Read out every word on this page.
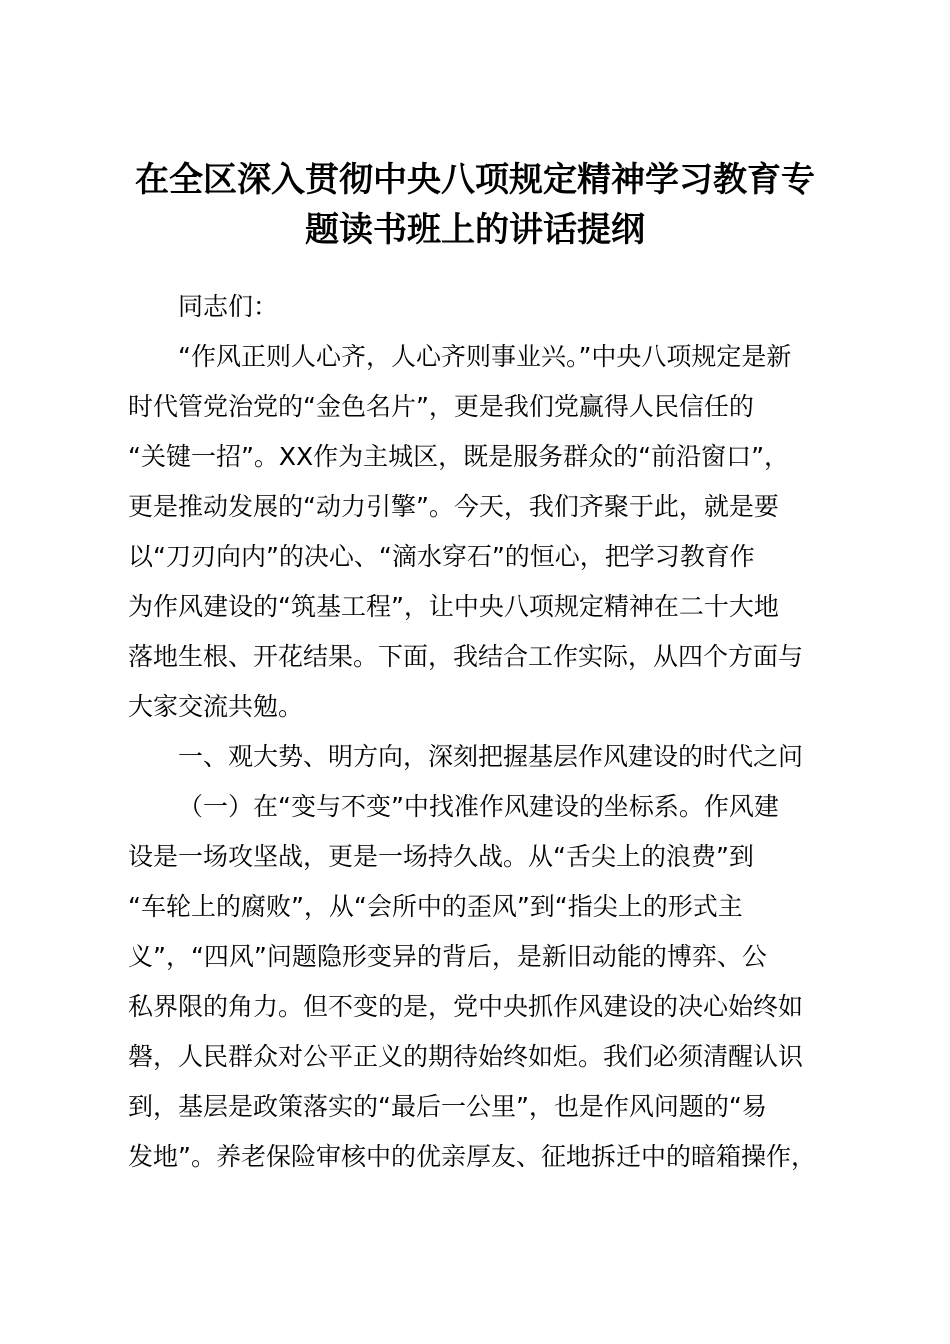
在全区深入贯彻中央八项规定精神学习教育专
题读书班上的讲话提纲
同志们：
“作风正则人心齐，人心齐则事业兴。”中央八项规定是新
时代管党治党的“金色名片”，更是我们党赢得人民信任的
“关键一招”。XX作为主城区，既是服务群众的“前沿窗口”，
更是推动发展的“动力引擎”。今天，我们齐聚于此，就是要
以“刀刃向内”的决心、“滴水穿石”的恒心，把学习教育作
为作风建设的“筑基工程”，让中央八项规定精神在二十大地
落地生根、开花结果。下面，我结合工作实际，从四个方面与
大家交流共勉。
一、观大势、明方向，深刻把握基层作风建设的时代之问
（一）在“变与不变”中找准作风建设的坐标系。作风建
设是一场攻坚战，更是一场持久战。从“舌尖上的浪费”到
“车轮上的腐败”，从“会所中的歪风”到“指尖上的形式主
义”，“四风”问题隐形变异的背后，是新旧动能的博弈、公
私界限的角力。但不变的是，党中央抓作风建设的决心始终如
磐，人民群众对公平正义的期待始终如炬。我们必须清醒认识
到，基层是政策落实的“最后一公里”，也是作风问题的“易
发地”。养老保险审核中的优亲厚友、征地拆迁中的暗箱操作，
